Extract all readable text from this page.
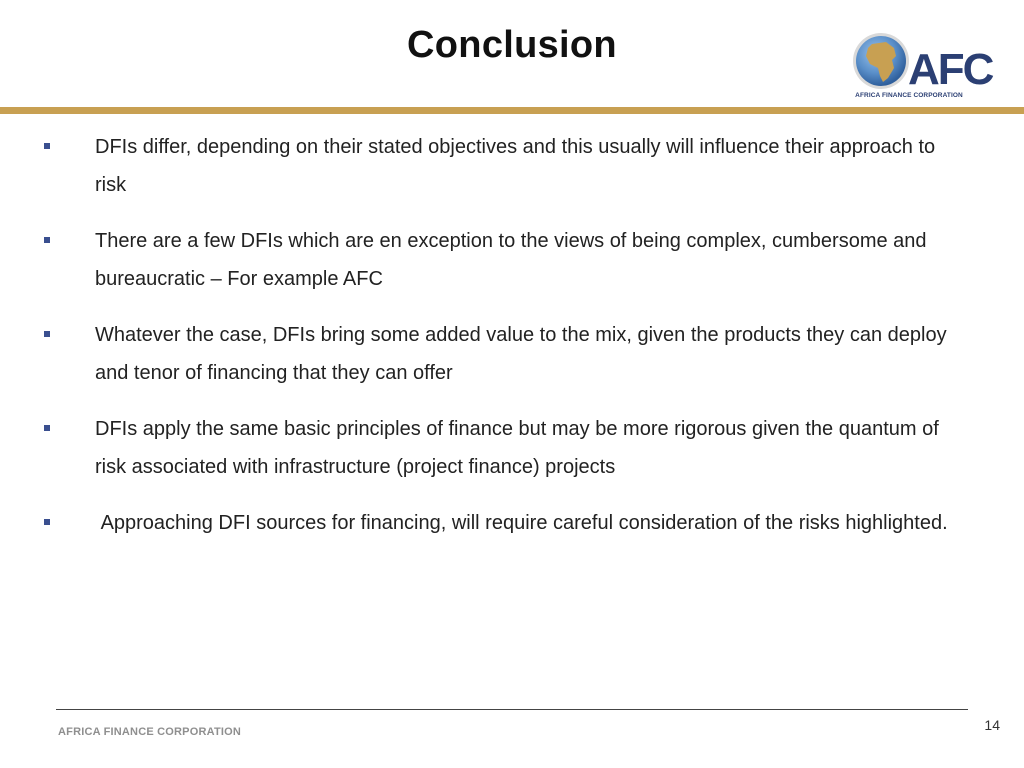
Conclusion	AFC
AFRICA FINANCE CORPORATION
DFIs differ, depending on their stated objectives and this usually will influence their approach to risk
There are a few DFIs which are en exception to the views of being complex, cumbersome and bureaucratic – For example AFC
Whatever the case, DFIs bring some added value to the mix, given the products they can deploy and tenor of financing that they can offer
DFIs apply the same basic principles of finance but may be more rigorous given the quantum of risk associated with infrastructure (project finance) projects
Approaching DFI sources for financing, will require careful consideration of the risks highlighted.
AFRICA FINANCE CORPORATION	14
